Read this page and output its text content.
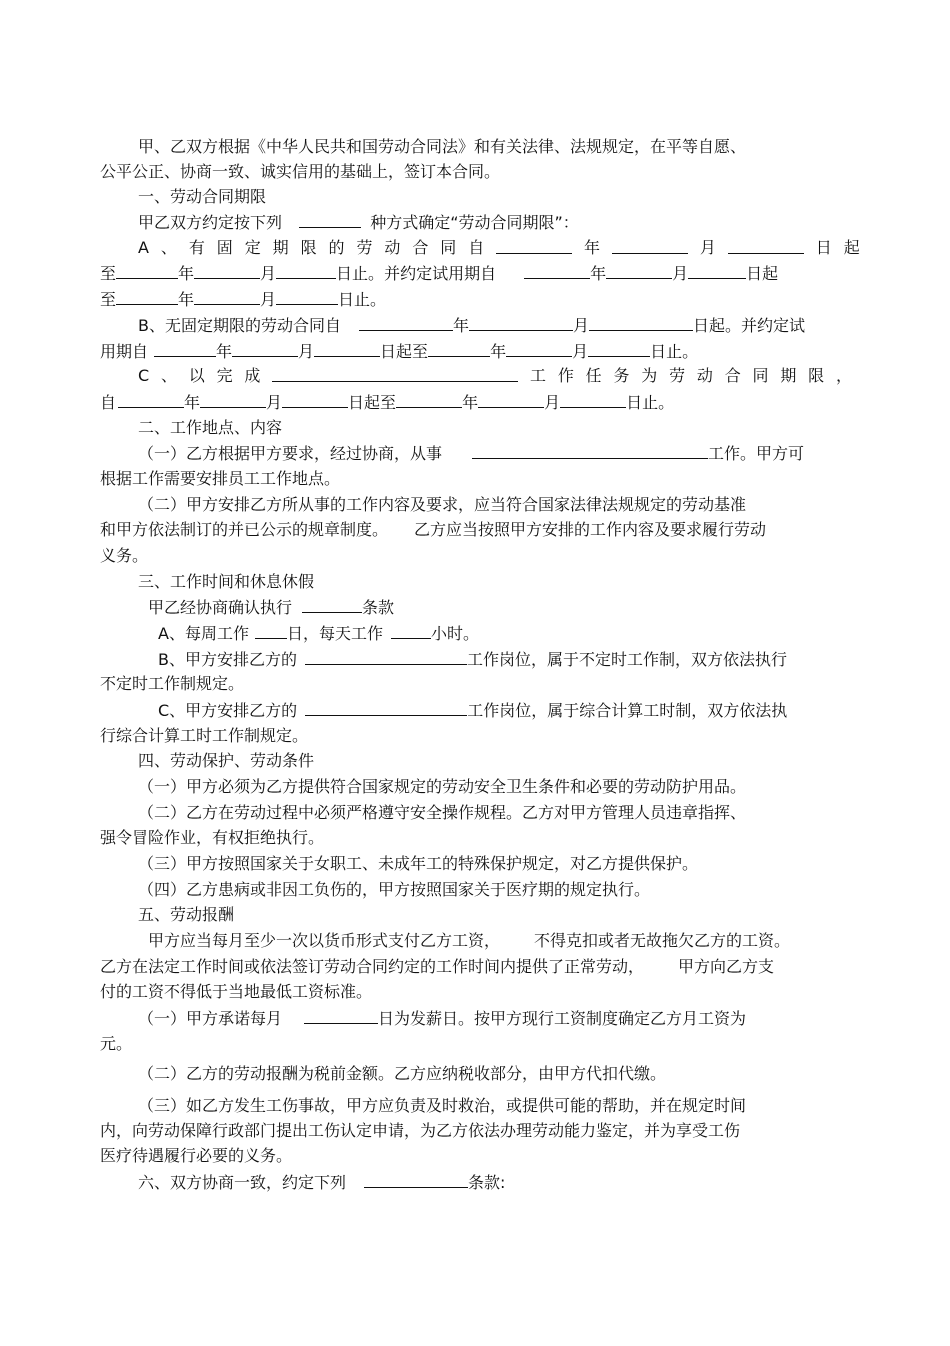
甲、乙双方根据《中华人民共和国劳动合同法》和有关法律、法规规定，在平等自愿、
公平公正、协商一致、诚实信用的基础上，签订本合同。
一、劳动合同期限
甲乙双方约定按下列	种方式确定“劳动合同期限”：
A 、 有 固 定 期 限 的 劳 动 合 同 自	年	月	日 起
至	年	月	日止。并约定试用期自	年	月	日起
至	年	月	日止。
B、无固定期限的劳动合同自	年	月	日起。并约定试
用期自	年	月	日起至	年	月	日止。
C 、 以 完 成	工 作 任 务 为 劳 动 合 同 期 限 ，
自	年	月	日起至	年	月	日止。
二、工作地点、内容
（一）乙方根据甲方要求，经过协商，从事	工作。甲方可
根据工作需要安排员工工作地点。
（二）甲方安排乙方所从事的工作内容及要求，应当符合国家法律法规规定的劳动基准
和甲方依法制订的并已公示的规章制度。 乙方应当按照甲方安排的工作内容及要求履行劳动
义务。
三、工作时间和休息休假
甲乙经协商确认执行	条款
A、每周工作 日，每天工作	小时。
B、甲方安排乙方的	工作岗位，属于不定时工作制，双方依法执行
不定时工作制规定。
C、甲方安排乙方的	工作岗位，属于综合计算工时制，双方依法执
行综合计算工时工作制规定。
四、劳动保护、劳动条件
（一）甲方必须为乙方提供符合国家规定的劳动安全卫生条件和必要的劳动防护用品。
（二）乙方在劳动过程中必须严格遵守安全操作规程。乙方对甲方管理人员违章指挥、
强令冒险作业，有权拒绝执行。
（三）甲方按照国家关于女职工、未成年工的特殊保护规定，对乙方提供保护。
（四）乙方患病或非因工负伤的，甲方按照国家关于医疗期的规定执行。
五、劳动报酬
甲方应当每月至少一次以货币形式支付乙方工资， 不得克扣或者无故拖欠乙方的工资。
乙方在法定工作时间或依法签订劳动合同约定的工作时间内提供了正常劳动， 甲方向乙方支
付的工资不得低于当地最低工资标准。
（一）甲方承诺每月	日为发薪日。按甲方现行工资制度确定乙方月工资为
元。
（二）乙方的劳动报酬为税前金额。乙方应纳税收部分，由甲方代扣代缴。
（三）如乙方发生工伤事故，甲方应负责及时救治，或提供可能的帮助，并在规定时间
内，向劳动保障行政部门提出工伤认定申请，为乙方依法办理劳动能力鉴定，并为享受工伤
医疗待遇履行必要的义务。
六、双方协商一致，约定下列	条款:
